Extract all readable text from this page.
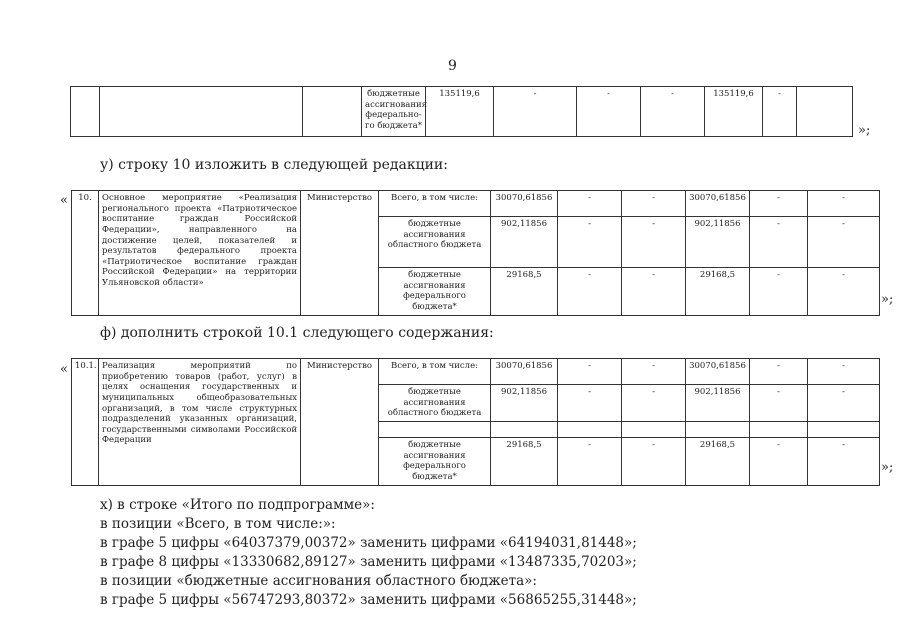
9
			бюджетные ассигнования федерально-го бюджета*	135119,6	-	-	-	135119,6	-	
»;
у) строку 10 изложить в следующей редакции:
« 10.	Основное мероприятие «Реализация регионального проекта «Патриотическое воспитание граждан Российской Федерации», направленного на достижение целей, показателей и результатов федерального проекта «Патриотическое воспитание граждан Российской Федерации» на территории Ульяновской области»	Министерство	Всего, в том числе:	30070,61856	-	-	30070,61856	-	-
			бюджетные ассигнования областного бюджета	902,11856	-	-	902,11856	-	-
			бюджетные ассигнования федерального бюджета*	29168,5	-	-	29168,5	-	-
»;
ф) дополнить строкой 10.1 следующего содержания:
« 10.1.	Реализация мероприятий по приобретению товаров (работ, услуг) в целях оснащения государственных и муниципальных общеобразовательных организаций, в том числе структурных подразделений указанных организаций, государственными символами Российской Федерации	Министерство	Всего, в том числе:	30070,61856	-	-	30070,61856	-	-
			бюджетные ассигнования областного бюджета	902,11856	-	-	902,11856	-	-

			бюджетные ассигнования федерального бюджета*	29168,5	-	-	29168,5	-	-
»;
х) в строке «Итого по подпрограмме»:
в позиции «Всего, в том числе:»:
в графе 5 цифры «64037379,00372» заменить цифрами «64194031,81448»;
в графе 8 цифры «13330682,89127» заменить цифрами «13487335,70203»;
в позиции «бюджетные ассигнования областного бюджета»:
в графе 5 цифры «56747293,80372» заменить цифрами «56865255,31448»;
